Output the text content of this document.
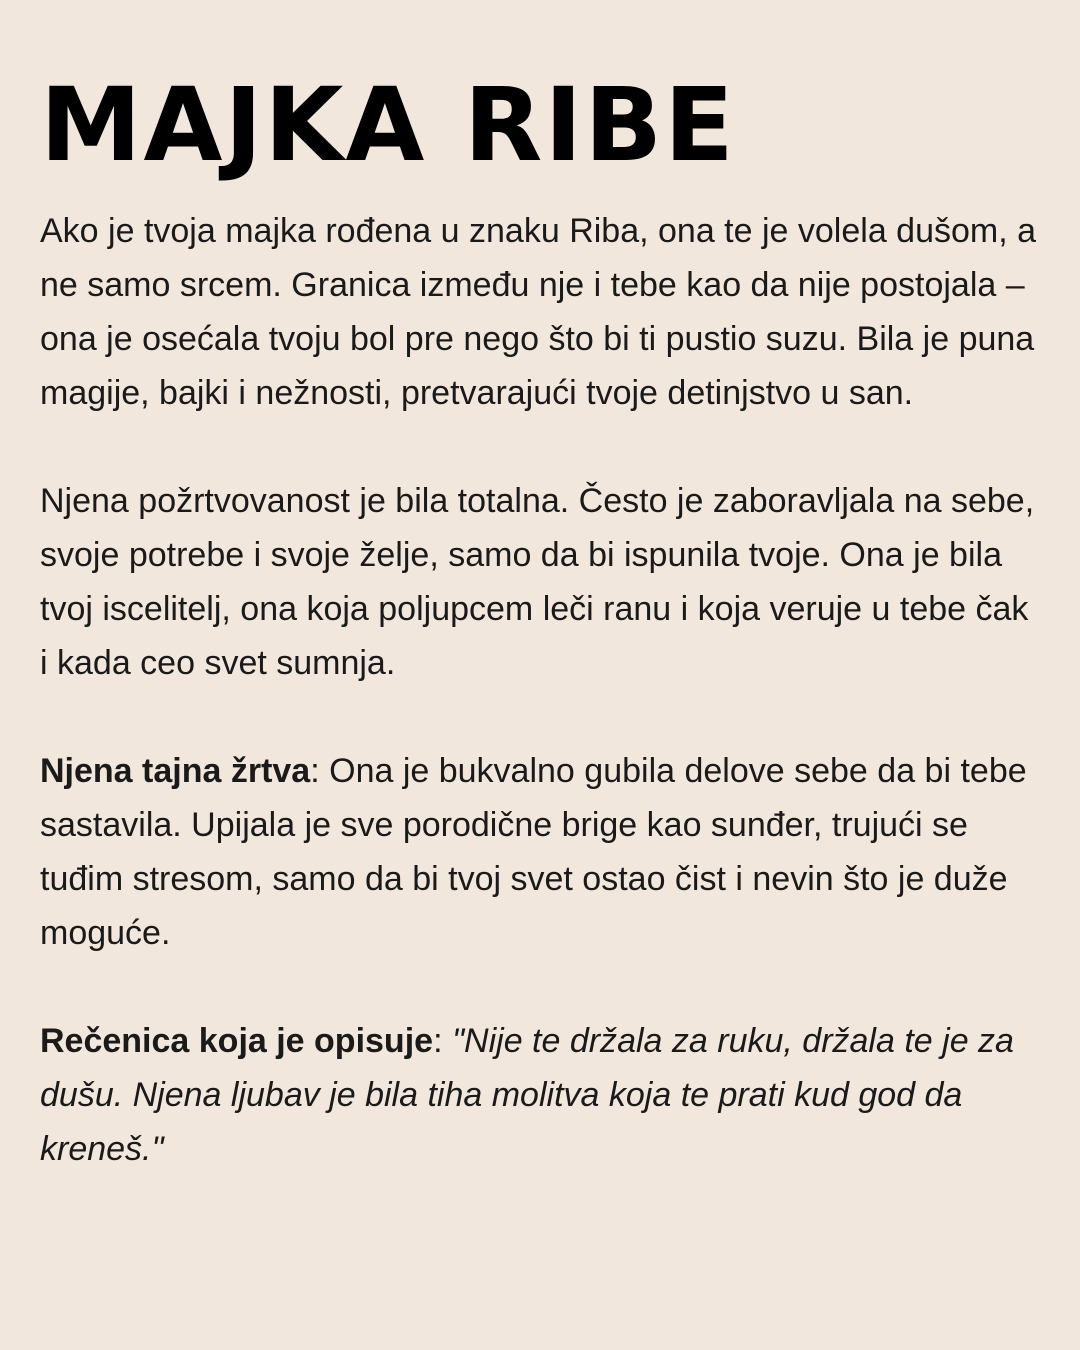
MAJKA RIBE

Ako je tvoja majka rođena u znaku Riba, ona te je volela dušom, a ne samo srcem. Granica između nje i tebe kao da nije postojala – ona je osećala tvoju bol pre nego što bi ti pustio suzu. Bila je puna magije, bajki i nežnosti, pretvarajući tvoje detinjstvo u san.

Njena požrtvovanost je bila totalna. Često je zaboravljala na sebe, svoje potrebe i svoje želje, samo da bi ispunila tvoje. Ona je bila tvoj iscelitelj, ona koja poljupcem leči ranu i koja veruje u tebe čak i kada ceo svet sumnja.

Njena tajna žrtva: Ona je bukvalno gubila delove sebe da bi tebe sastavila. Upijala je sve porodične brige kao sunđer, trujući se tuđim stresom, samo da bi tvoj svet ostao čist i nevin što je duže moguće.

Rečenica koja je opisuje: "Nije te držala za ruku, držala te je za dušu. Njena ljubav je bila tiha molitva koja te prati kud god da kreneš."
